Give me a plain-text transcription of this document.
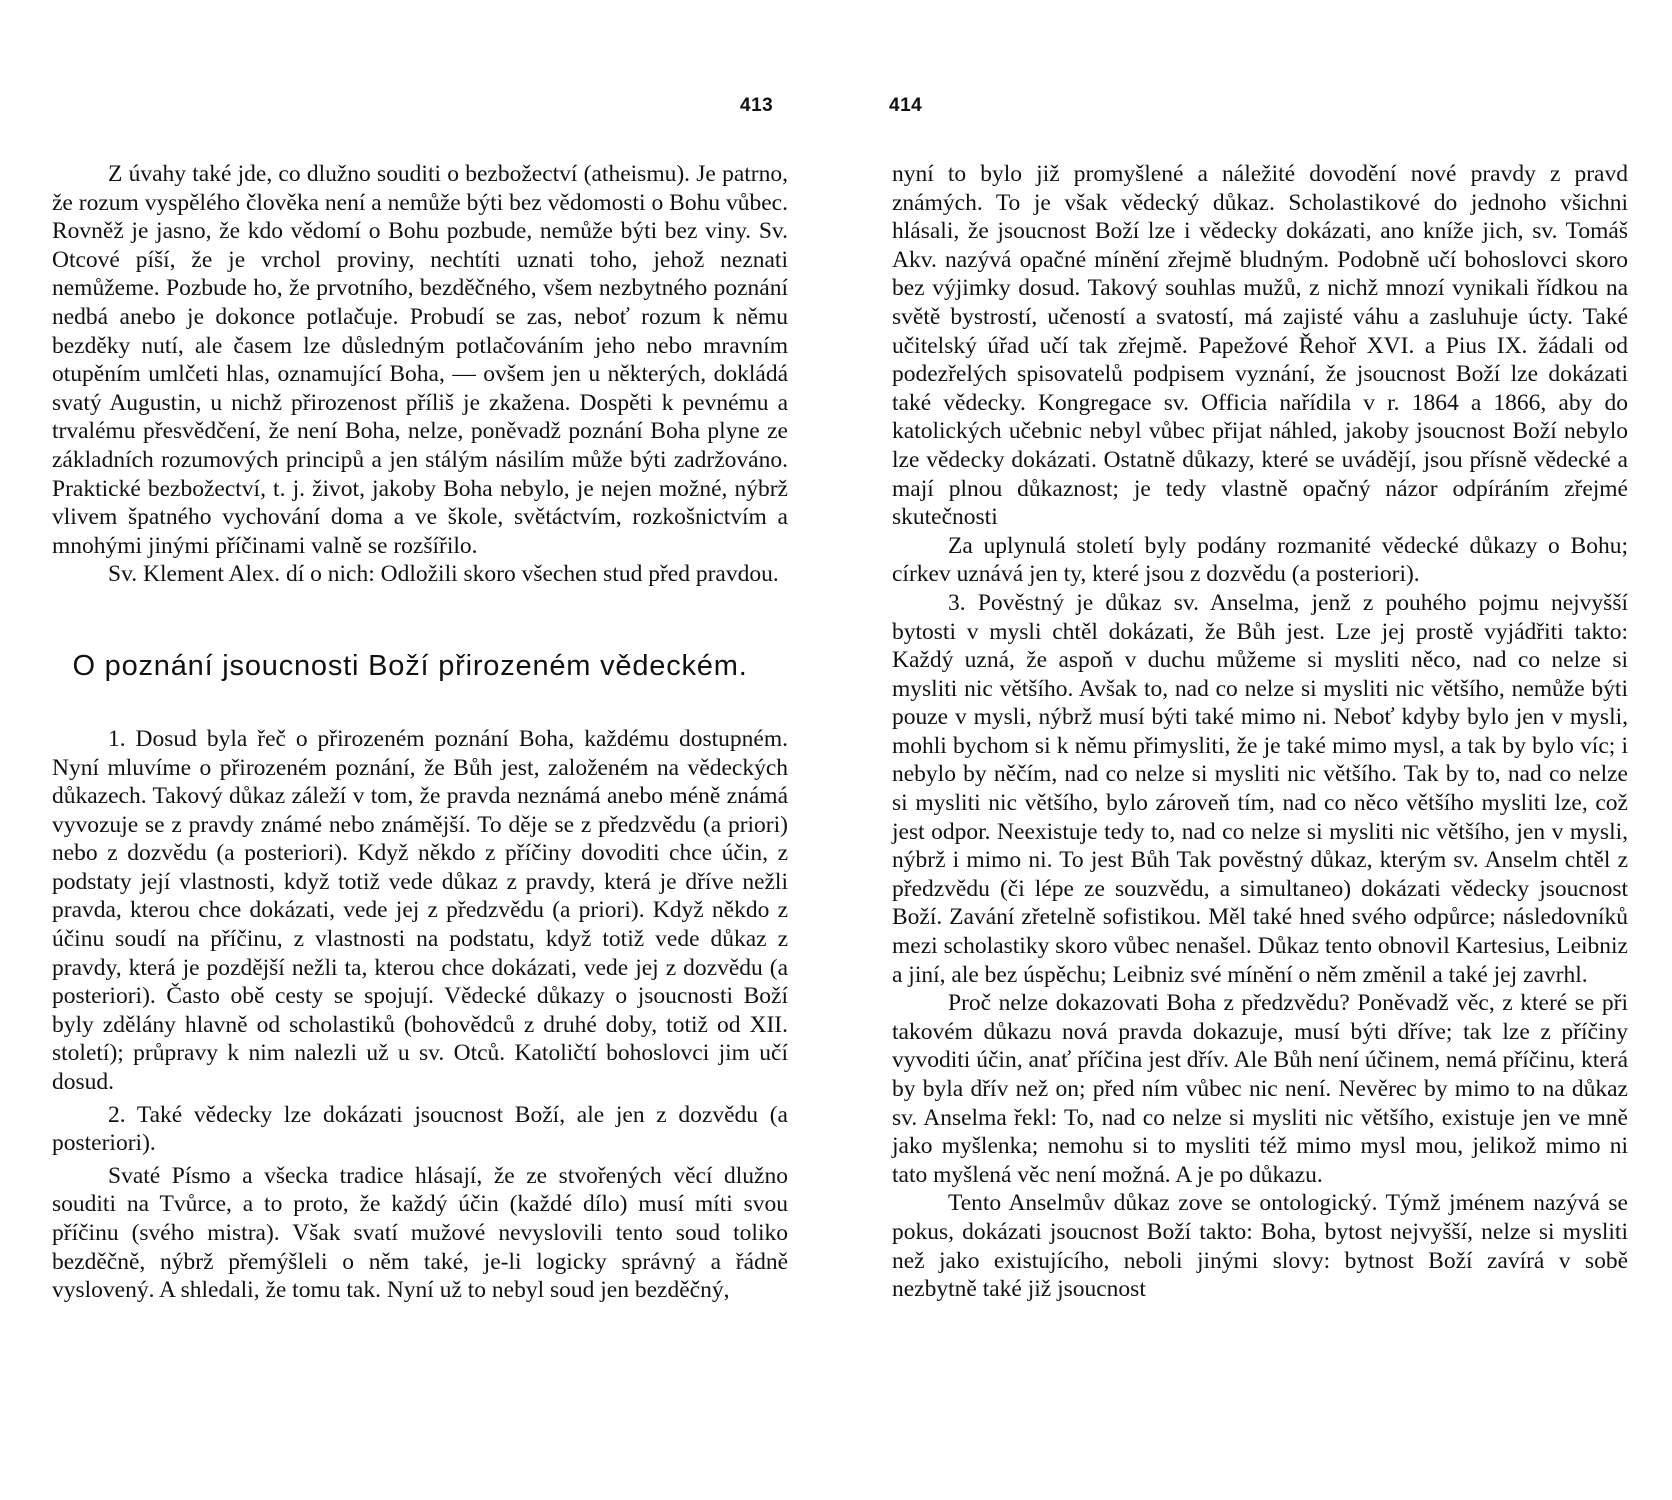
413

Z úvahy také jde, co dlužno souditi o bezbožectví (atheismu). Je patrno, že rozum vyspělého člověka není a nemůže býti bez vědomosti o Bohu vůbec. Rovněž je jasno, že kdo vědomí o Bohu pozbude, nemůže býti bez viny. Sv. Otcové píší, že je vrchol proviny, nechtíti uznati toho, jehož neznati nemůžeme. Pozbude ho, že prvotního, bezděčného, všem nezbytného poznání nedbá anebo je dokonce potlačuje. Probudí se zas, neboť rozum k němu bezděky nutí, ale časem lze důsledným potlačováním jeho nebo mravním otupěním umlčeti hlas, oznamující Boha, — ovšem jen u některých, dokládá svatý Augustin, u nichž přirozenost příliš je zkažena. Dospěti k pevnému a trvalému přesvědčení, že není Boha, nelze, poněvadž poznání Boha plyne ze základních rozumových principů a jen stálým násilím může býti zadržováno. Praktické bezbožectví, t. j. život, jakoby Boha nebylo, je nejen možné, nýbrž vlivem špatného vychování doma a ve škole, světáctvím, rozkošnictvím a mnohými jinými příčinami valně se rozšířilo.

Sv. Klement Alex. dí o nich: Odložili skoro všechen stud před pravdou.

O poznání jsoucnosti Boží přirozeném vědeckém.

1. Dosud byla řeč o přirozeném poznání Boha, každému dostupném. Nyní mluvíme o přirozeném poznání, že Bůh jest, založeném na vědeckých důkazech. Takový důkaz záleží v tom, že pravda neznámá anebo méně známá vyvozuje se z pravdy známé nebo známější. To děje se z předzvědu (a priori) nebo z dozvědu (a posteriori). Když někdo z příčiny dovoditi chce účin, z podstaty její vlastnosti, když totiž vede důkaz z pravdy, která je dříve nežli pravda, kterou chce dokázati, vede jej z předzvědu (a priori). Když někdo z účinu soudí na příčinu, z vlastnosti na podstatu, když totiž vede důkaz z pravdy, která je pozdější nežli ta, kterou chce dokázati, vede jej z dozvědu (a posteriori). Často obě cesty se spojují. Vědecké důkazy o jsoucnosti Boží byly zdělány hlavně od scholastiků (bohovědců z druhé doby, totiž od XII. století); průpravy k nim nalezli už u sv. Otců. Katoličtí bohoslovci jim učí dosud.

2. Také vědecky lze dokázati jsoucnost Boží, ale jen z dozvědu (a posteriori).

Svaté Písmo a všecka tradice hlásají, že ze stvořených věcí dlužno souditi na Tvůrce, a to proto, že každý účin (každé dílo) musí míti svou příčinu (svého mistra). Však svatí mužové nevyslovili tento soud toliko bezděčně, nýbrž přemýšleli o něm také, je-li logicky správný a řádně vyslovený. A shledali, že tomu tak. Nyní už to nebyl soud jen bezděčný,

414

nyní to bylo již promyšlené a náležité dovodění nové pravdy z pravd známých. To je však vědecký důkaz. Scholastikové do jednoho všichni hlásali, že jsoucnost Boží lze i vědecky dokázati, ano kníže jich, sv. Tomáš Akv. nazývá opačné mínění zřejmě bludným. Podobně učí bohoslovci skoro bez výjimky dosud. Takový souhlas mužů, z nichž mnozí vynikali řídkou na světě bystrostí, učeností a svatostí, má zajisté váhu a zasluhuje úcty. Také učitelský úřad učí tak zřejmě. Papežové Řehoř XVI. a Pius IX. žádali od podezřelých spisovatelů podpisem vyznání, že jsoucnost Boží lze dokázati také vědecky. Kongregace sv. Officia nařídila v r. 1864 a 1866, aby do katolických učebnic nebyl vůbec přijat náhled, jakoby jsoucnost Boží nebylo lze vědecky dokázati. Ostatně důkazy, které se uvádějí, jsou přísně vědecké a mají plnou důkaznost; je tedy vlastně opačný názor odpíráním zřejmé skutečnosti

Za uplynulá století byly podány rozmanité vědecké důkazy o Bohu; církev uznává jen ty, které jsou z dozvědu (a posteriori).

3. Pověstný je důkaz sv. Anselma, jenž z pouhého pojmu nejvyšší bytosti v mysli chtěl dokázati, že Bůh jest. Lze jej prostě vyjádřiti takto: Každý uzná, že aspoň v duchu můžeme si mysliti něco, nad co nelze si mysliti nic většího. Avšak to, nad co nelze si mysliti nic většího, nemůže býti pouze v mysli, nýbrž musí býti také mimo ni. Neboť kdyby bylo jen v mysli, mohli bychom si k němu přimysliti, že je také mimo mysl, a tak by bylo víc; i nebylo by něčím, nad co nelze si mysliti nic většího. Tak by to, nad co nelze si mysliti nic většího, bylo zároveň tím, nad co něco většího mysliti lze, což jest odpor. Neexistuje tedy to, nad co nelze si mysliti nic většího, jen v mysli, nýbrž i mimo ni. To jest Bůh Tak pověstný důkaz, kterým sv. Anselm chtěl z předzvědu (či lépe ze souzvědu, a simultaneo) dokázati vědecky jsoucnost Boží. Zavání zřetelně sofistikou. Měl také hned svého odpůrce; následovníků mezi scholastiky skoro vůbec nenašel. Důkaz tento obnovil Kartesius, Leibniz a jiní, ale bez úspěchu; Leibniz své mínění o něm změnil a také jej zavrhl.

Proč nelze dokazovati Boha z předzvědu? Poněvadž věc, z které se při takovém důkazu nová pravda dokazuje, musí býti dříve; tak lze z příčiny vyvoditi účin, anať příčina jest dřív. Ale Bůh není účinem, nemá příčinu, která by byla dřív než on; před ním vůbec nic není. Nevěrec by mimo to na důkaz sv. Anselma řekl: To, nad co nelze si mysliti nic většího, existuje jen ve mně jako myšlenka; nemohu si to mysliti též mimo mysl mou, jelikož mimo ni tato myšlená věc není možná. A je po důkazu.

Tento Anselmův důkaz zove se ontologický. Týmž jménem nazývá se pokus, dokázati jsoucnost Boží takto: Boha, bytost nejvyšší, nelze si mysliti než jako existujícího, neboli jinými slovy: bytnost Boží zavírá v sobě nezbytně také již jsoucnost
